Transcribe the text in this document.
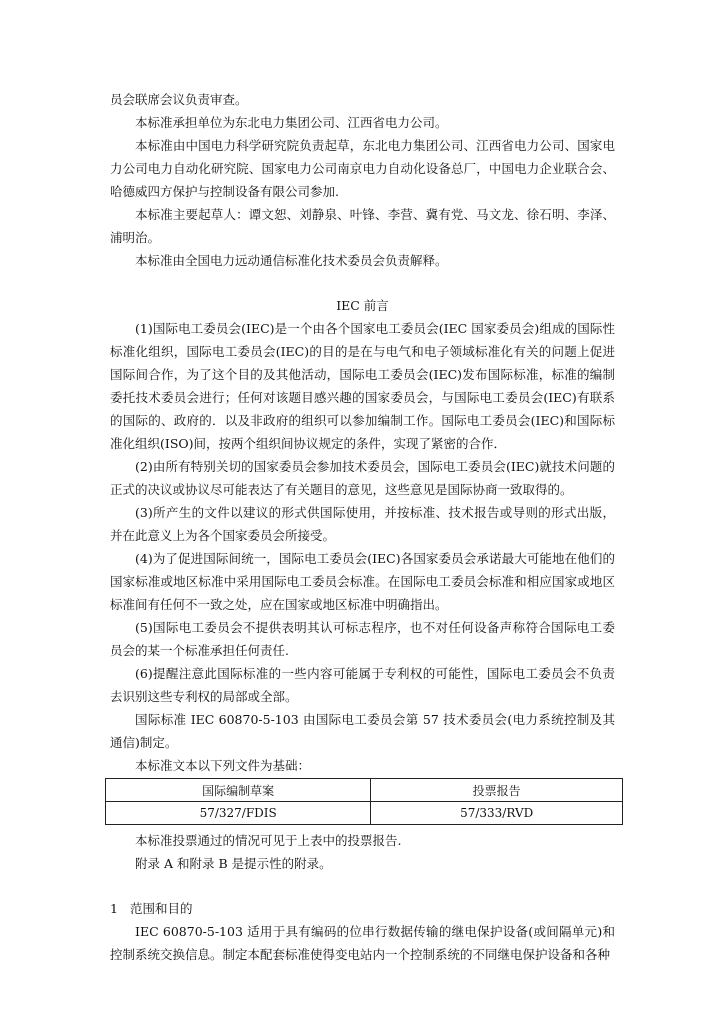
员会联席会议负责审查。

本标准承担单位为东北电力集团公司、江西省电力公司。

本标准由中国电力科学研究院负责起草，东北电力集团公司、江西省电力公司、国家电力公司电力自动化研究院、国家电力公司南京电力自动化设备总厂，中国电力企业联合会、哈德威四方保护与控制设备有限公司参加.

本标准主要起草人：谭文恕、刘静泉、叶锋、李营、冀有党、马文龙、徐石明、李泽、浦明治。

本标准由全国电力远动通信标准化技术委员会负责解释。

IEC 前言

(1)国际电工委员会(IEC)是一个由各个国家电工委员会(IEC 国家委员会)组成的国际性标准化组织，国际电工委员会(IEC)的目的是在与电气和电子领域标准化有关的问题上促进国际间合作，为了这个目的及其他活动，国际电工委员会(IEC)发布国际标准，标准的编制委托技术委员会进行；任何对该题目感兴趣的国家委员会，与国际电工委员会(IEC)有联系的国际的、政府的．以及非政府的组织可以参加编制工作。国际电工委员会(IEC)和国际标准化组织(ISO)间，按两个组织间协议规定的条件，实现了紧密的合作．

(2)由所有特别关切的国家委员会参加技术委员会，国际电工委员会(IEC)就技术问题的正式的决议或协议尽可能表达了有关题目的意见，这些意见是国际协商一致取得的。

(3)所产生的文件以建议的形式供国际使用，并按标准、技术报告或导则的形式出版，并在此意义上为各个国家委员会所接受。

(4)为了促进国际间统一，国际电工委员会(IEC)各国家委员会承诺最大可能地在他们的国家标准或地区标准中采用国际电工委员会标准。在国际电工委员会标准和相应国家或地区标准间有任何不一致之处，应在国家或地区标准中明确指出。

(5)国际电工委员会不提供表明其认可标志程序，也不对任何设备声称符合国际电工委员会的某一个标准承担任何责任.

(6)提醒注意此国际标准的一些内容可能属于专利权的可能性，国际电工委员会不负责去识别这些专利权的局部或全部。

国际标准 IEC 60870-5-103 由国际电工委员会第 57 技术委员会(电力系统控制及其通信)制定。

本标准文本以下列文件为基础：

国际编制草案	投票报告
57/327/FDIS	57/333/RVD

本标准投票通过的情况可见于上表中的投票报告.

附录 A 和附录 B 是提示性的附录。

1 范围和目的

IEC 60870-5-103 适用于具有编码的位串行数据传输的继电保护设备(或间隔单元)和控制系统交换信息。制定本配套标准使得变电站内一个控制系统的不同继电保护设备和各种
